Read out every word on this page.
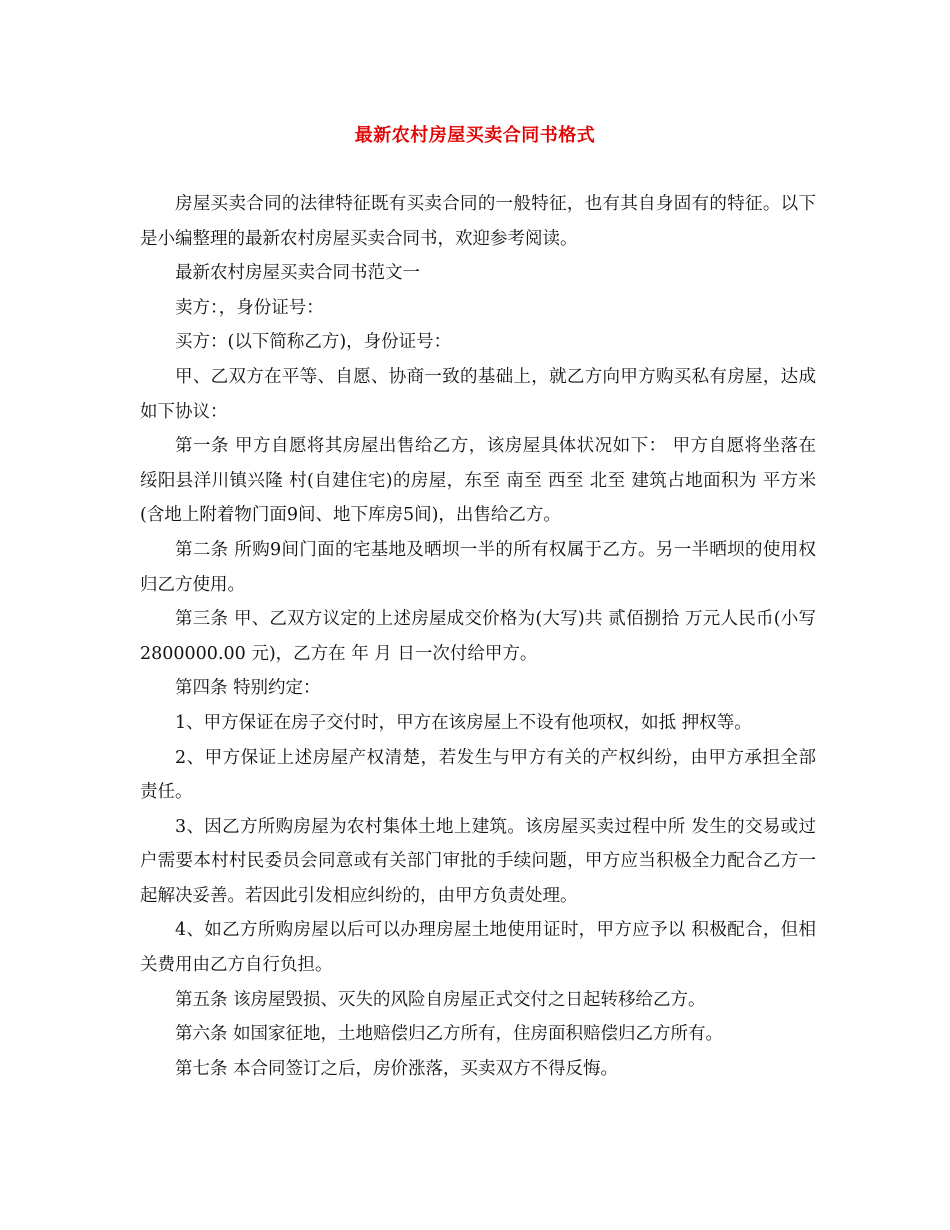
最新农村房屋买卖合同书格式

房屋买卖合同的法律特征既有买卖合同的一般特征，也有其自身固有的特征。以下是小编整理的最新农村房屋买卖合同书，欢迎参考阅读。

最新农村房屋买卖合同书范文一

卖方：，身份证号：

买方：(以下简称乙方)，身份证号：

甲、乙双方在平等、自愿、协商一致的基础上，就乙方向甲方购买私有房屋，达成如下协议：

第一条 甲方自愿将其房屋出售给乙方，该房屋具体状况如下： 甲方自愿将坐落在 绥阳县洋川镇兴隆 村(自建住宅)的房屋，东至 南至 西至 北至 建筑占地面积为 平方米(含地上附着物门面9间、地下库房5间)，出售给乙方。

第二条 所购9间门面的宅基地及晒坝一半的所有权属于乙方。另一半晒坝的使用权归乙方使用。

第三条 甲、乙双方议定的上述房屋成交价格为(大写)共 贰佰捌拾 万元人民币(小写 2800000.00 元)，乙方在 年 月 日一次付给甲方。

第四条 特别约定：

1、甲方保证在房子交付时，甲方在该房屋上不设有他项权，如抵 押权等。

2、甲方保证上述房屋产权清楚，若发生与甲方有关的产权纠纷，由甲方承担全部责任。

3、因乙方所购房屋为农村集体土地上建筑。该房屋买卖过程中所 发生的交易或过户需要本村村民委员会同意或有关部门审批的手续问题，甲方应当积极全力配合乙方一起解决妥善。若因此引发相应纠纷的，由甲方负责处理。

4、如乙方所购房屋以后可以办理房屋土地使用证时，甲方应予以 积极配合，但相关费用由乙方自行负担。

第五条 该房屋毁损、灭失的风险自房屋正式交付之日起转移给乙方。

第六条 如国家征地，土地赔偿归乙方所有，住房面积赔偿归乙方所有。

第七条 本合同签订之后，房价涨落，买卖双方不得反悔。
